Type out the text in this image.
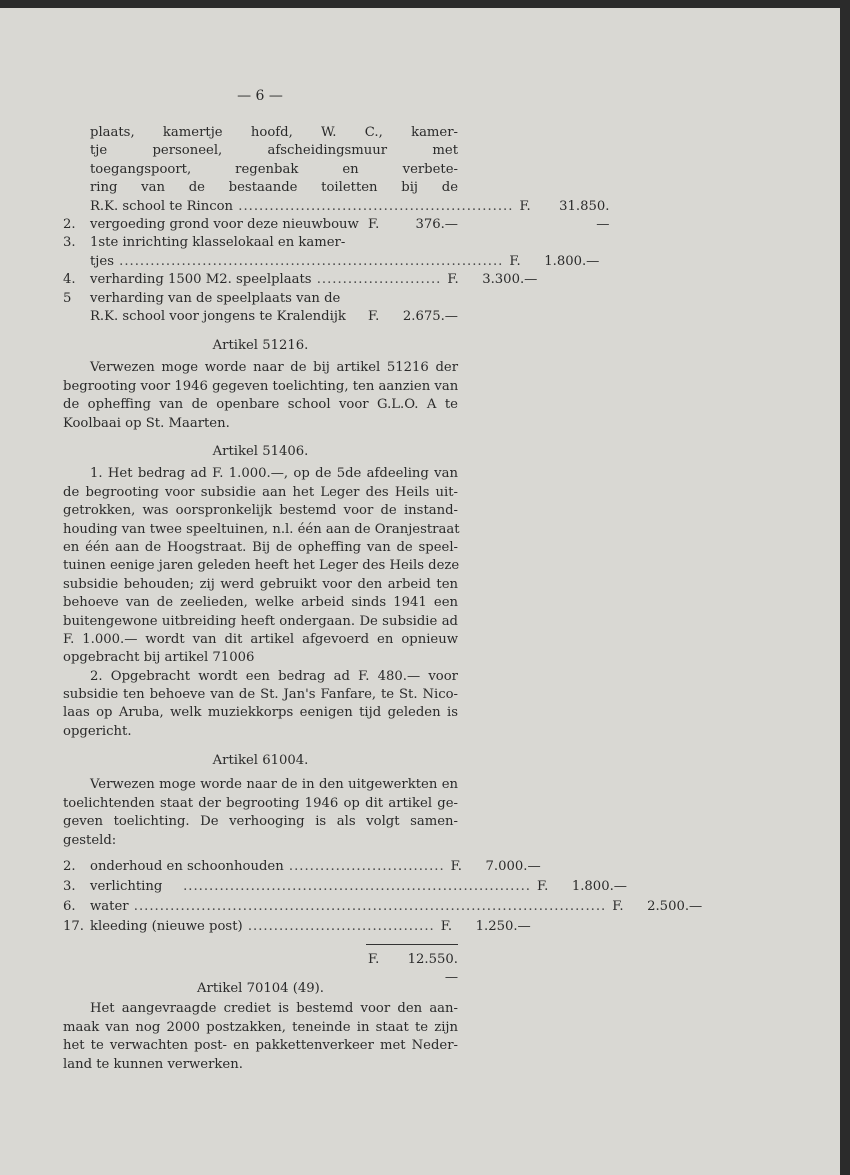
— 6 —
plaats, kamertje hoofd, W. C., kamer-
tje personeel, afscheidingsmuur met
toegangspoort, regenbak en verbete-
ring van de bestaande toiletten bij de
R.K. school te Rincon ..................................................... F.	31.850.—
2.	vergoeding grond voor deze nieuwbouw F.	376.—
3.	1ste inrichting klasselokaal en kamer-
tjes .......................................................................... F.	1.800.—
4.	verharding 1500 M2. speelplaats ........................ F.	3.300.—
5	verharding van de speelplaats van de
R.K. school voor jongens te Kralendijk	F.	2.675.—
Artikel 51216.
Verwezen moge worde naar de bij artikel 51216 der
begrooting voor 1946 gegeven toelichting, ten aanzien van
de opheffing van de openbare school voor G.L.O. A te
Koolbaai op St. Maarten.
Artikel 51406.
1. Het bedrag ad F. 1.000.—, op de 5de afdeeling van
de begrooting voor subsidie aan het Leger des Heils uit-
getrokken, was oorspronkelijk bestemd voor de instand-
houding van twee speeltuinen, n.l. één aan de Oranjestraat
en één aan de Hoogstraat. Bij de opheffing van de speel-
tuinen eenige jaren geleden heeft het Leger des Heils deze
subsidie behouden; zij werd gebruikt voor den arbeid ten
behoeve van de zeelieden, welke arbeid sinds 1941 een
buitengewone uitbreiding heeft ondergaan. De subsidie ad
F. 1.000.— wordt van dit artikel afgevoerd en opnieuw
opgebracht bij artikel 71006
2. Opgebracht wordt een bedrag ad F. 480.— voor
subsidie ten behoeve van de St. Jan's Fanfare, te St. Nico-
laas op Aruba, welk muziekkorps eenigen tijd geleden is
opgericht.
Artikel 61004.
Verwezen moge worde naar de in den uitgewerkten en
toelichtenden staat der begrooting 1946 op dit artikel ge-
geven toelichting. De verhooging is als volgt samen-
gesteld:
2.	onderhoud en schoonhouden .............................. F.	7.000.—
3.	verlichting ................................................................... F.	1.800.—
6.	water ........................................................................................... F.	2.500.—
17. kleeding (nieuwe post) .................................... F.	1.250.—
F.	12.550.—
Artikel 70104 (49).
Het aangevraagde crediet is bestemd voor den aan-
maak van nog 2000 postzakken, teneinde in staat te zijn
het te verwachten post- en pakkettenverkeer met Neder-
land te kunnen verwerken.
